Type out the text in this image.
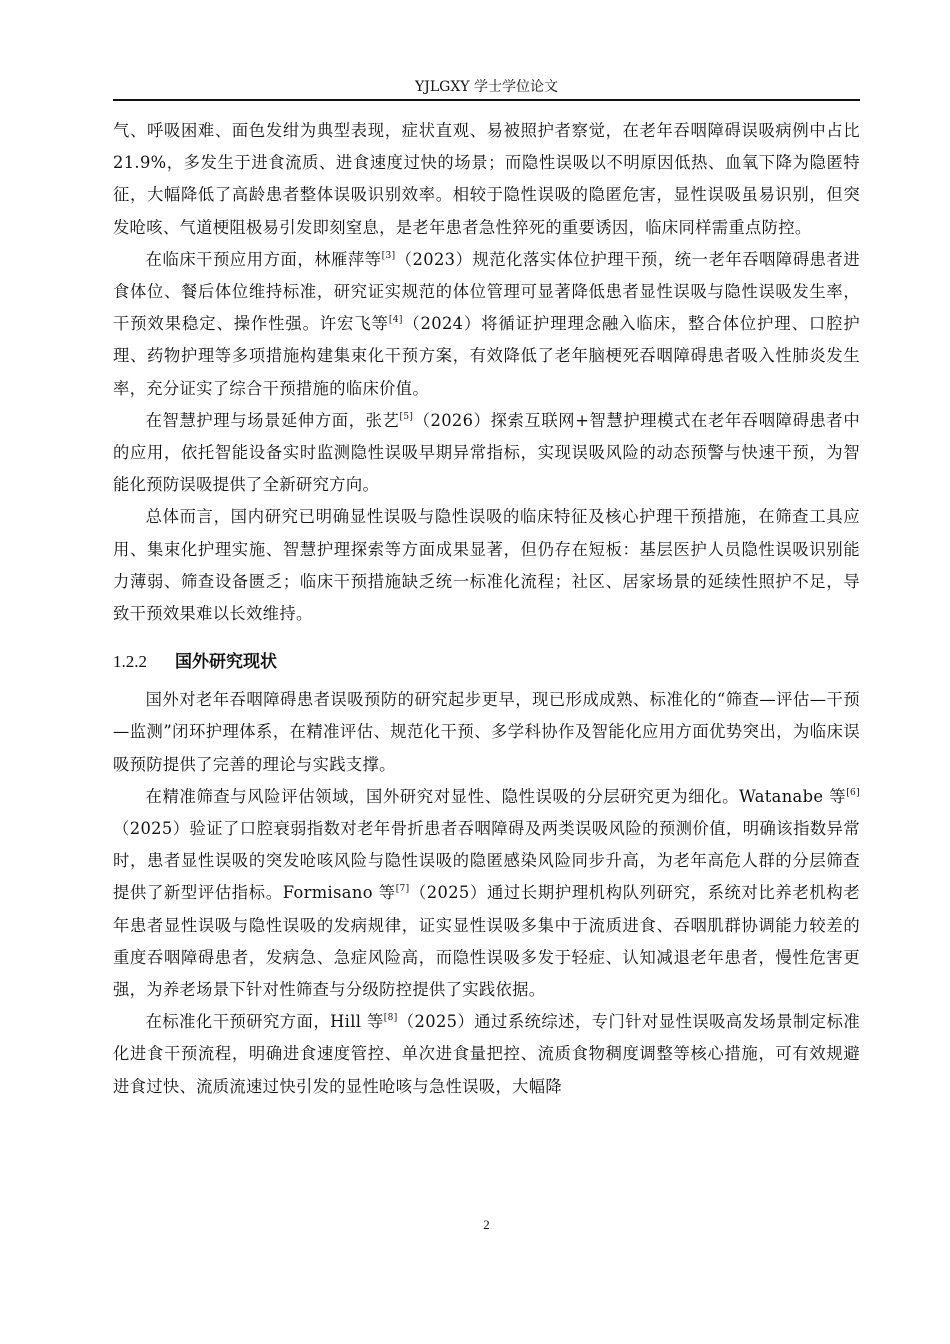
YJLGXY 学士学位论文

气、呼吸困难、面色发绀为典型表现，症状直观、易被照护者察觉，在老年吞咽障碍误吸病例中占比 21.9%，多发生于进食流质、进食速度过快的场景；而隐性误吸以不明原因低热、血氧下降为隐匿特征，大幅降低了高龄患者整体误吸识别效率。相较于隐性误吸的隐匿危害，显性误吸虽易识别，但突发呛咳、气道梗阻极易引发即刻窒息，是老年患者急性猝死的重要诱因，临床同样需重点防控。

在临床干预应用方面，林雁萍等[3]（2023）规范化落实体位护理干预，统一老年吞咽障碍患者进食体位、餐后体位维持标准，研究证实规范的体位管理可显著降低患者显性误吸与隐性误吸发生率，干预效果稳定、操作性强。许宏飞等[4]（2024）将循证护理理念融入临床，整合体位护理、口腔护理、药物护理等多项措施构建集束化干预方案，有效降低了老年脑梗死吞咽障碍患者吸入性肺炎发生率，充分证实了综合干预措施的临床价值。

在智慧护理与场景延伸方面，张艺[5]（2026）探索互联网+智慧护理模式在老年吞咽障碍患者中的应用，依托智能设备实时监测隐性误吸早期异常指标，实现误吸风险的动态预警与快速干预，为智能化预防误吸提供了全新研究方向。

总体而言，国内研究已明确显性误吸与隐性误吸的临床特征及核心护理干预措施，在筛查工具应用、集束化护理实施、智慧护理探索等方面成果显著，但仍存在短板：基层医护人员隐性误吸识别能力薄弱、筛查设备匮乏；临床干预措施缺乏统一标准化流程；社区、居家场景的延续性照护不足，导致干预效果难以长效维持。

1.2.2 国外研究现状

国外对老年吞咽障碍患者误吸预防的研究起步更早，现已形成成熟、标准化的“筛查—评估—干预—监测”闭环护理体系，在精准评估、规范化干预、多学科协作及智能化应用方面优势突出，为临床误吸预防提供了完善的理论与实践支撑。

在精准筛查与风险评估领域，国外研究对显性、隐性误吸的分层研究更为细化。Watanabe 等[6]（2025）验证了口腔衰弱指数对老年骨折患者吞咽障碍及两类误吸风险的预测价值，明确该指数异常时，患者显性误吸的突发呛咳风险与隐性误吸的隐匿感染风险同步升高，为老年高危人群的分层筛查提供了新型评估指标。Formisano 等[7]（2025）通过长期护理机构队列研究，系统对比养老机构老年患者显性误吸与隐性误吸的发病规律，证实显性误吸多集中于流质进食、吞咽肌群协调能力较差的重度吞咽障碍患者，发病急、急症风险高，而隐性误吸多发于轻症、认知减退老年患者，慢性危害更强，为养老场景下针对性筛查与分级防控提供了实践依据。

在标准化干预研究方面，Hill 等[8]（2025）通过系统综述，专门针对显性误吸高发场景制定标准化进食干预流程，明确进食速度管控、单次进食量把控、流质食物稠度调整等核心措施，可有效规避进食过快、流质流速过快引发的显性呛咳与急性误吸，大幅降

2
